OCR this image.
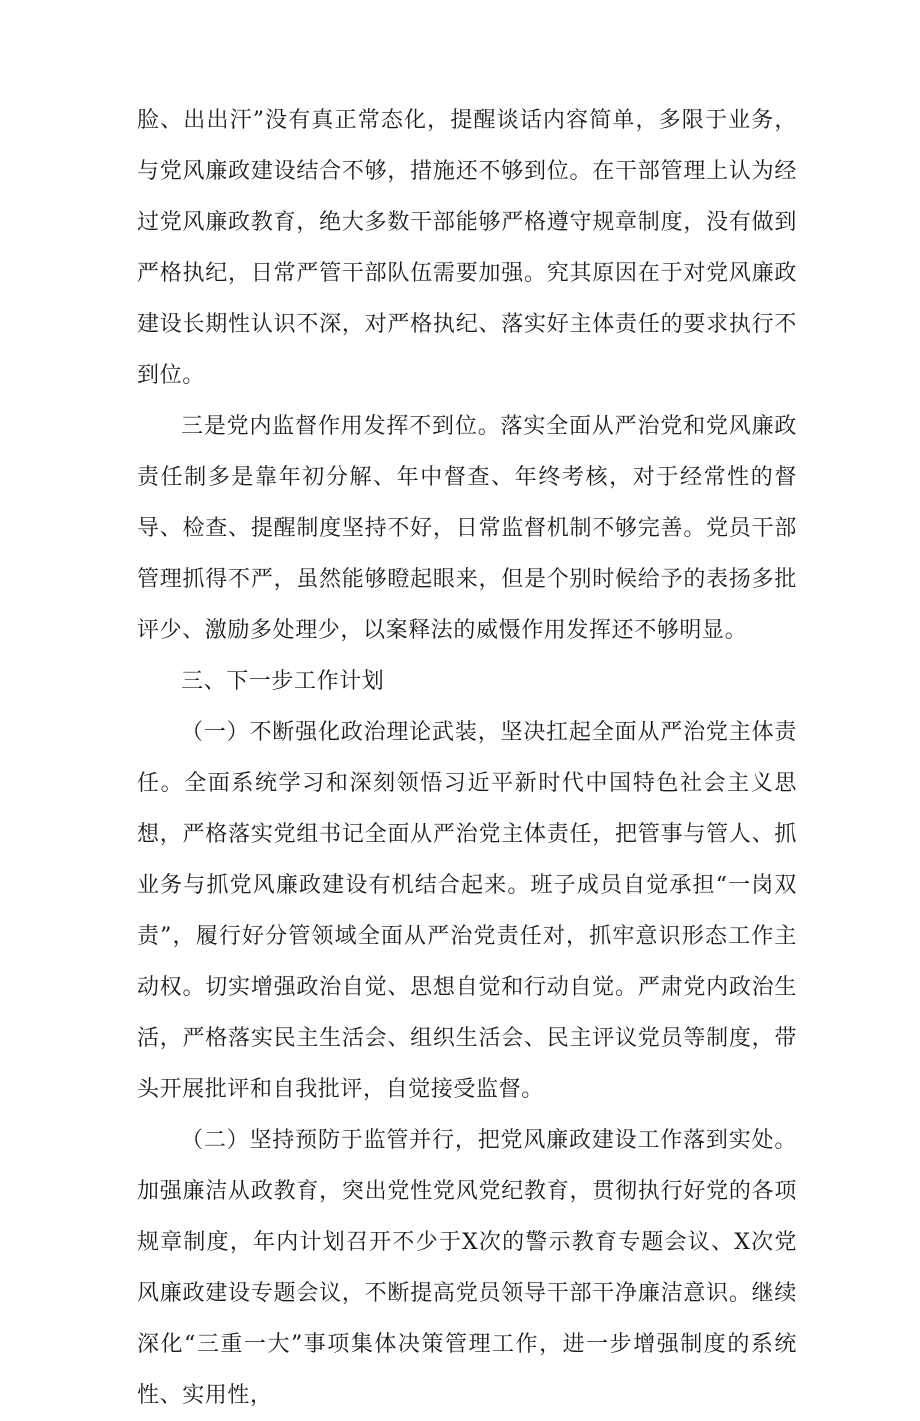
脸、出出汗”没有真正常态化，提醒谈话内容简单，多限于业务，与党风廉政建设结合不够，措施还不够到位。在干部管理上认为经过党风廉政教育，绝大多数干部能够严格遵守规章制度，没有做到严格执纪，日常严管干部队伍需要加强。究其原因在于对党风廉政建设长期性认识不深，对严格执纪、落实好主体责任的要求执行不到位。

三是党内监督作用发挥不到位。落实全面从严治党和党风廉政责任制多是靠年初分解、年中督查、年终考核，对于经常性的督导、检查、提醒制度坚持不好，日常监督机制不够完善。党员干部管理抓得不严，虽然能够瞪起眼来，但是个别时候给予的表扬多批评少、激励多处理少，以案释法的威慑作用发挥还不够明显。

三、下一步工作计划

（一）不断强化政治理论武装，坚决扛起全面从严治党主体责任。全面系统学习和深刻领悟习近平新时代中国特色社会主义思想，严格落实党组书记全面从严治党主体责任，把管事与管人、抓业务与抓党风廉政建设有机结合起来。班子成员自觉承担“一岗双责”，履行好分管领域全面从严治党责任对，抓牢意识形态工作主动权。切实增强政治自觉、思想自觉和行动自觉。严肃党内政治生活，严格落实民主生活会、组织生活会、民主评议党员等制度，带头开展批评和自我批评，自觉接受监督。

（二）坚持预防于监管并行，把党风廉政建设工作落到实处。加强廉洁从政教育，突出党性党风党纪教育，贯彻执行好党的各项规章制度，年内计划召开不少于X次的警示教育专题会议、X次党风廉政建设专题会议，不断提高党员领导干部干净廉洁意识。继续深化“三重一大”事项集体决策管理工作，进一步增强制度的系统性、实用性，
